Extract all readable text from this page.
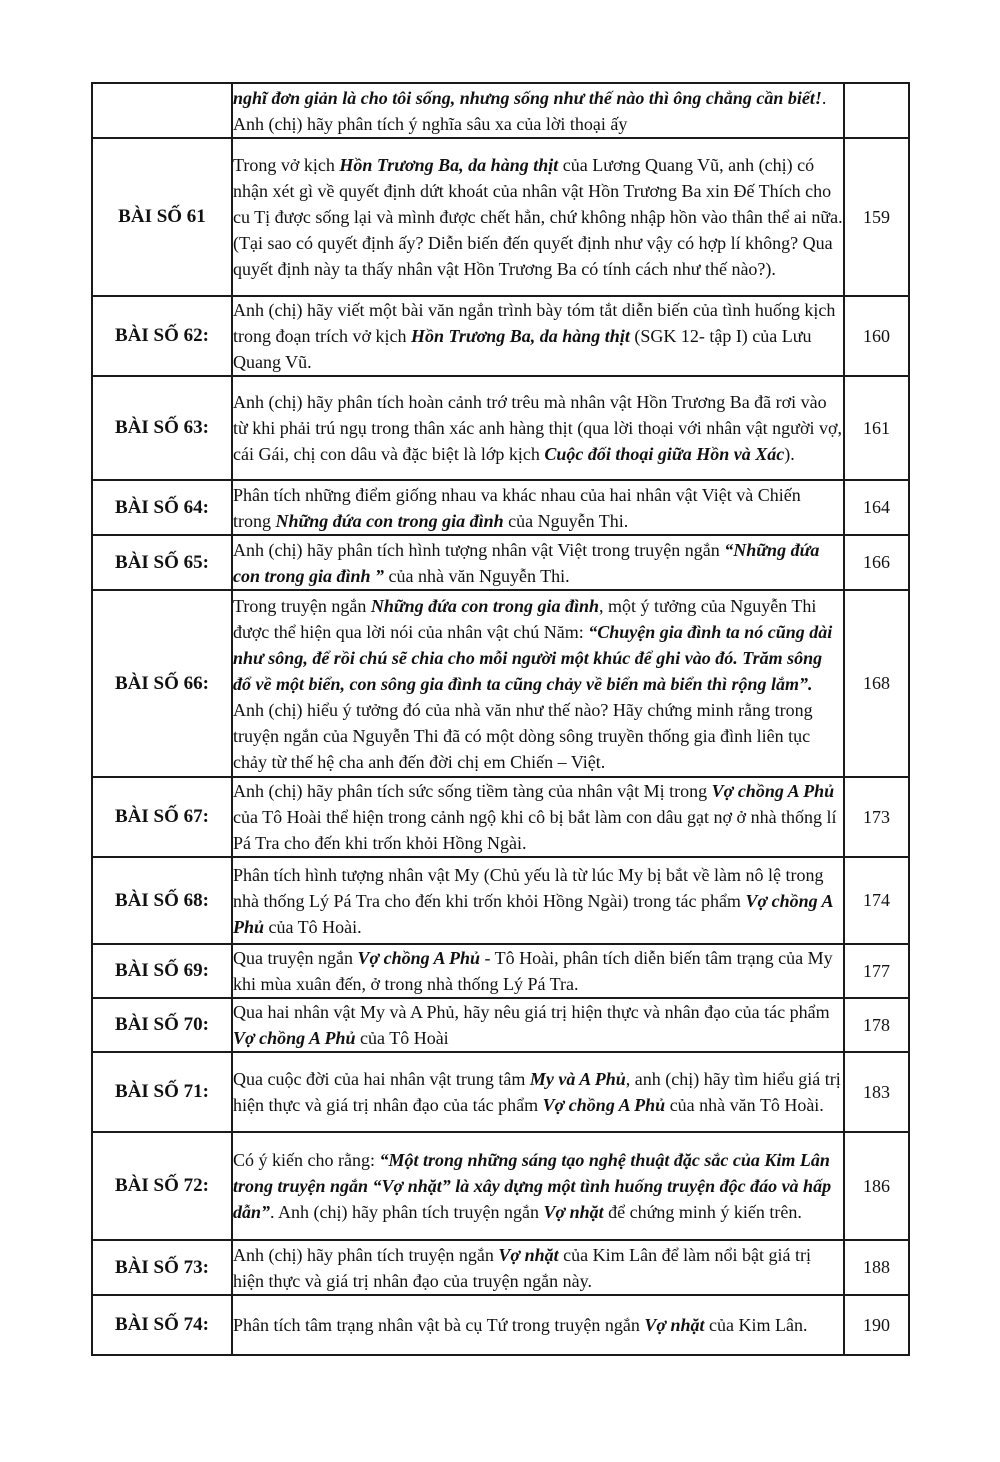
	nghĩ đơn giản là cho tôi sống, nhưng sống như thế nào thì ông chẳng cần biết!. Anh (chị) hãy phân tích ý nghĩa sâu xa của lời thoại ấy	
BÀI SỐ 61	Trong vở kịch Hồn Trương Ba, da hàng thịt của Lương Quang Vũ, anh (chị) có nhận xét gì về quyết định dứt khoát của nhân vật Hồn Trương Ba xin Đế Thích cho cu Tị được sống lại và mình được chết hẳn, chứ không nhập hồn vào thân thể ai nữa. (Tại sao có quyết định ấy? Diễn biến đến quyết định như vậy có hợp lí không? Qua quyết định này ta thấy nhân vật Hồn Trương Ba có tính cách như thế nào?).	159
BÀI SỐ 62:	Anh (chị) hãy viết một bài văn ngắn trình bày tóm tắt diễn biến của tình huống kịch trong đoạn trích vở kịch Hồn Trương Ba, da hàng thịt (SGK 12- tập I) của Lưu Quang Vũ.	160
BÀI SỐ 63:	Anh (chị) hãy phân tích hoàn cảnh trớ trêu mà nhân vật Hồn Trương Ba đã rơi vào từ khi phải trú ngụ trong thân xác anh hàng thịt (qua lời thoại với nhân vật người vợ, cái Gái, chị con dâu và đặc biệt là lớp kịch Cuộc đối thoại giữa Hồn và Xác).	161
BÀI SỐ 64:	Phân tích những điểm giống nhau va khác nhau của hai nhân vật Việt và Chiến trong Những đứa con trong gia đình của Nguyễn Thi.	164
BÀI SỐ 65:	Anh (chị) hãy phân tích hình tượng nhân vật Việt trong truyện ngắn “Những đứa con trong gia đình ” của nhà văn Nguyễn Thi.	166
BÀI SỐ 66:	Trong truyện ngắn Những đứa con trong gia đình, một ý tưởng của Nguyễn Thi được thể hiện qua lời nói của nhân vật chú Năm: “Chuyện gia đình ta nó cũng dài như sông, để rồi chú sẽ chia cho mỗi người một khúc để ghi vào đó. Trăm sông đổ về một biển, con sông gia đình ta cũng chảy về biển mà biển thì rộng lắm”.
Anh (chị) hiểu ý tưởng đó của nhà văn như thế nào? Hãy chứng minh rằng trong truyện ngắn của Nguyễn Thi đã có một dòng sông truyền thống gia đình liên tục chảy từ thế hệ cha anh đến đời chị em Chiến – Việt.	168
BÀI SỐ 67:	Anh (chị) hãy phân tích sức sống tiềm tàng của nhân vật Mị trong Vợ chồng A Phủ của Tô Hoài thể hiện trong cảnh ngộ khi cô bị bắt làm con dâu gạt nợ ở nhà thống lí Pá Tra cho đến khi trốn khỏi Hồng Ngài.	173
BÀI SỐ 68:	Phân tích hình tượng nhân vật My (Chủ yếu là từ lúc My bị bắt về làm nô lệ trong nhà thống Lý Pá Tra cho đến khi trốn khỏi Hồng Ngài) trong tác phẩm Vợ chồng A Phủ của Tô Hoài.	174
BÀI SỐ 69:	Qua truyện ngắn Vợ chồng A Phủ - Tô Hoài, phân tích diễn biến tâm trạng của My khi mùa xuân đến, ở trong nhà thống Lý Pá Tra.	177
BÀI SỐ 70:	Qua hai nhân vật My và A Phủ, hãy nêu giá trị hiện thực và nhân đạo của tác phẩm Vợ chồng A Phủ của Tô Hoài	178
BÀI SỐ 71:	Qua cuộc đời của hai nhân vật trung tâm My và A Phủ, anh (chị) hãy tìm hiểu giá trị hiện thực và giá trị nhân đạo của tác phẩm Vợ chồng A Phủ của nhà văn Tô Hoài.	183
BÀI SỐ 72:	Có ý kiến cho rằng: “Một trong những sáng tạo nghệ thuật đặc sắc của Kim Lân trong truyện ngắn “Vợ nhặt” là xây dựng một tình huống truyện độc đáo và hấp dẫn”. Anh (chị) hãy phân tích truyện ngắn Vợ nhặt để chứng minh ý kiến trên.	186
BÀI SỐ 73:	Anh (chị) hãy phân tích truyện ngắn Vợ nhặt của Kim Lân để làm nổi bật giá trị hiện thực và giá trị nhân đạo của truyện ngắn này.	188
BÀI SỐ 74:	Phân tích tâm trạng nhân vật bà cụ Tứ trong truyện ngắn Vợ nhặt của Kim Lân.	190
